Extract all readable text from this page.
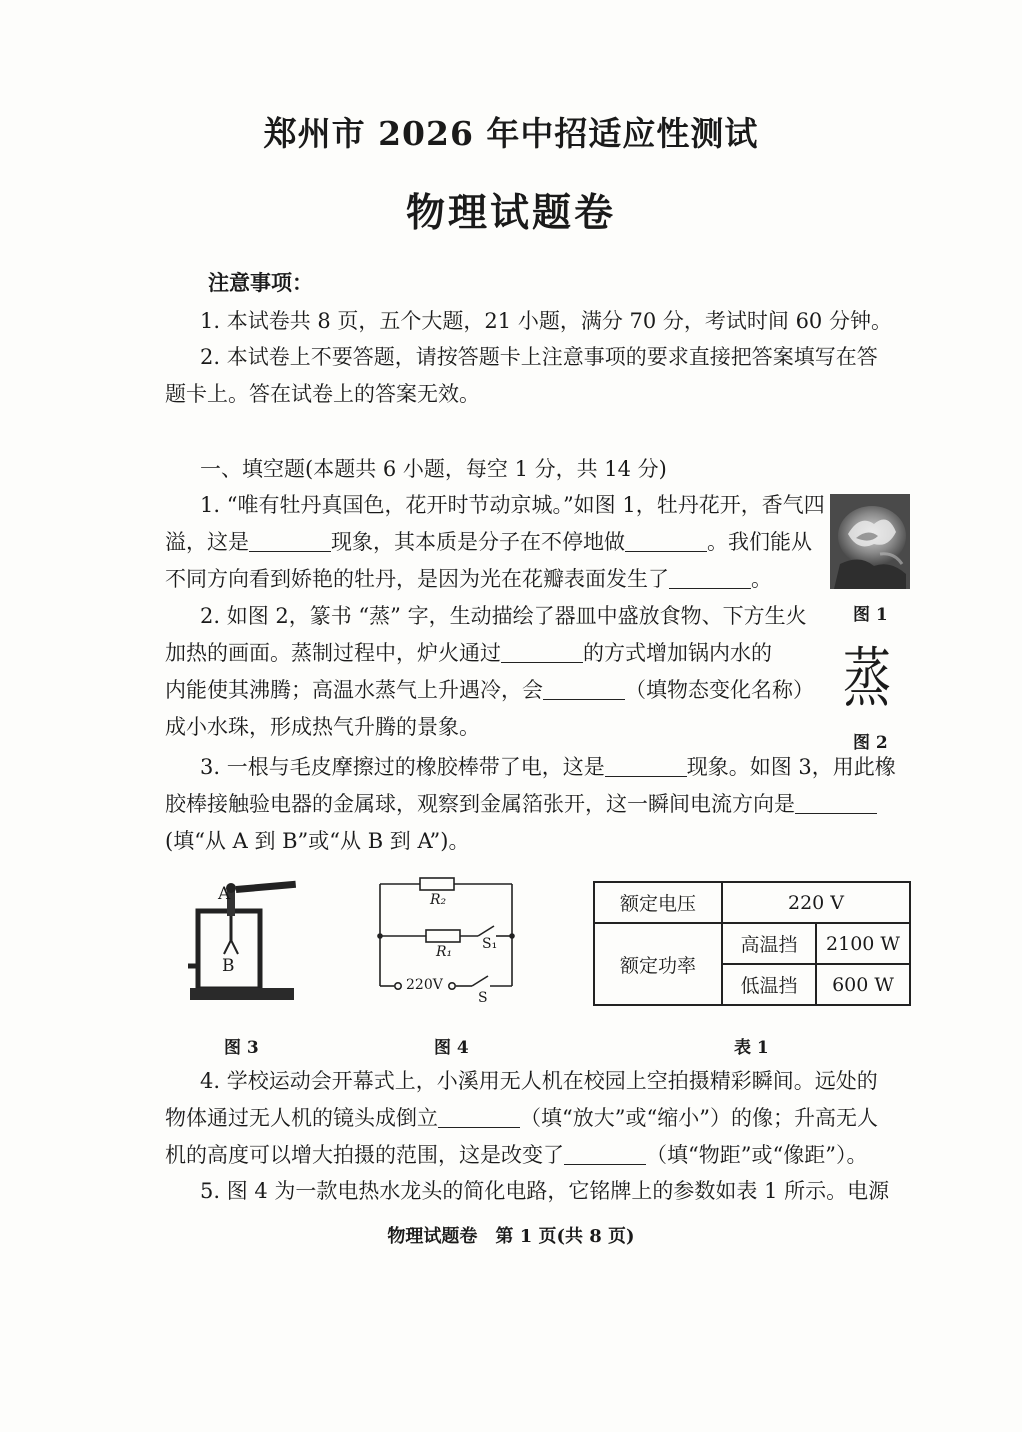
郑州市 2026 年中招适应性测试
物理试题卷
注意事项：
1. 本试卷共 8 页，五个大题，21 小题，满分 70 分，考试时间 60 分钟。
2. 本试卷上不要答题，请按答题卡上注意事项的要求直接把答案填写在答
题卡上。答在试卷上的答案无效。
一、填空题(本题共 6 小题，每空 1 分，共 14 分)
1. “唯有牡丹真国色，花开时节动京城。”如图 1，牡丹花开，香气四
溢，这是	现象，其本质是分子在不停地做	。我们能从
不同方向看到娇艳的牡丹，是因为光在花瓣表面发生了	。
图 1
2. 如图 2，篆书 “蒸” 字，生动描绘了器皿中盛放食物、下方生火
加热的画面。蒸制过程中，炉火通过	的方式增加锅内水的
内能使其沸腾；高温水蒸气上升遇冷，会	（填物态变化名称）
成小水珠，形成热气升腾的景象。
蒸
图 2
3. 一根与毛皮摩擦过的橡胶棒带了电，这是	现象。如图 3，用此橡
胶棒接触验电器的金属球，观察到金属箔张开，这一瞬间电流方向是
(填“从 A 到 B”或“从 B 到 A”)。
A
B
图 3
R₂
R₁ S₁
220V
S
图 4
额定电压	220 V	
额定功率	高温挡	2100 W
	低温挡	600 W
表 1
4. 学校运动会开幕式上，小溪用无人机在校园上空拍摄精彩瞬间。远处的
物体通过无人机的镜头成倒立	（填“放大”或“缩小”）的像；升高无人
机的高度可以增大拍摄的范围，这是改变了	（填“物距”或“像距”）。
5. 图 4 为一款电热水龙头的简化电路，它铭牌上的参数如表 1 所示。电源
物理试题卷　第 1 页(共 8 页)
